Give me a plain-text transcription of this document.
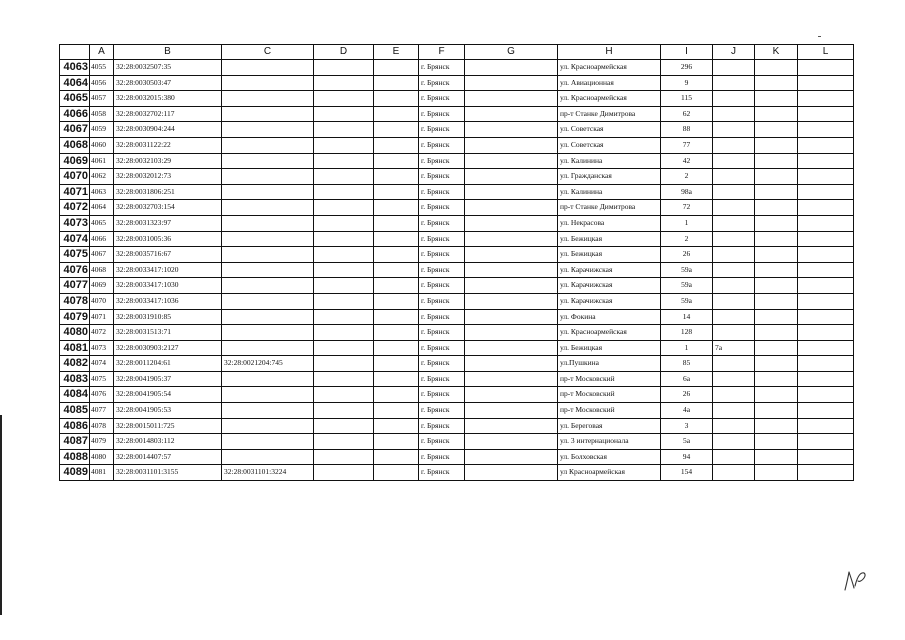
	A	B	C	D	E	F	G	H	I	J	K	L
4063	4055	32:28:0032507:35				г. Брянск		ул. Красноармейская	296			
4064	4056	32:28:0030503:47				г. Брянск		ул. Авиационная	9			
4065	4057	32:28:0032015:380				г. Брянск		ул. Красноармейская	115			
4066	4058	32:28:0032702:117				г. Брянск		пр-т Станке Димитрова	62			
4067	4059	32:28:0030904:244				г. Брянск		ул. Советская	88			
4068	4060	32:28:0031122:22				г. Брянск		ул. Советская	77			
4069	4061	32:28:0032103:29				г. Брянск		ул. Калинина	42			
4070	4062	32:28:0032012:73				г. Брянск		ул. Гражданская	2			
4071	4063	32:28:0031806:251				г. Брянск		ул. Калинина	98а			
4072	4064	32:28:0032703:154				г. Брянск		пр-т Станке Димитрова	72			
4073	4065	32:28:0031323:97				г. Брянск		ул. Некрасова	1			
4074	4066	32:28:0031005:36				г. Брянск		ул. Бежицкая	2			
4075	4067	32:28:0035716:67				г. Брянск		ул. Бежицкая	26			
4076	4068	32:28:0033417:1020				г. Брянск		ул. Карачижская	59а			
4077	4069	32:28:0033417:1030				г. Брянск		ул. Карачижская	59а			
4078	4070	32:28:0033417:1036				г. Брянск		ул. Карачижская	59а			
4079	4071	32:28:0031910:85				г. Брянск		ул. Фокина	14			
4080	4072	32:28:0031513:71				г. Брянск		ул. Красноармейская	128			
4081	4073	32:28:0030903:2127				г. Брянск		ул. Бежицкая	1	7а		
4082	4074	32:28:0011204:61	32:28:0021204:745			г. Брянск		ул.Пушкина	85			
4083	4075	32:28:0041905:37				г. Брянск		пр-т Московский	6а			
4084	4076	32:28:0041905:54				г. Брянск		пр-т Московский	26			
4085	4077	32:28:0041905:53				г. Брянск		пр-т Московский	4а			
4086	4078	32:28:0015011:725				г. Брянск		ул. Береговая	3			
4087	4079	32:28:0014803:112				г. Брянск		ул. 3 интернационала	5а			
4088	4080	32:28:0014407:57				г. Брянск		ул. Болховская	94			
4089	4081	32:28:0031101:3155	32:28:0031101:3224			г. Брянск		ул Красноармейская	154			
